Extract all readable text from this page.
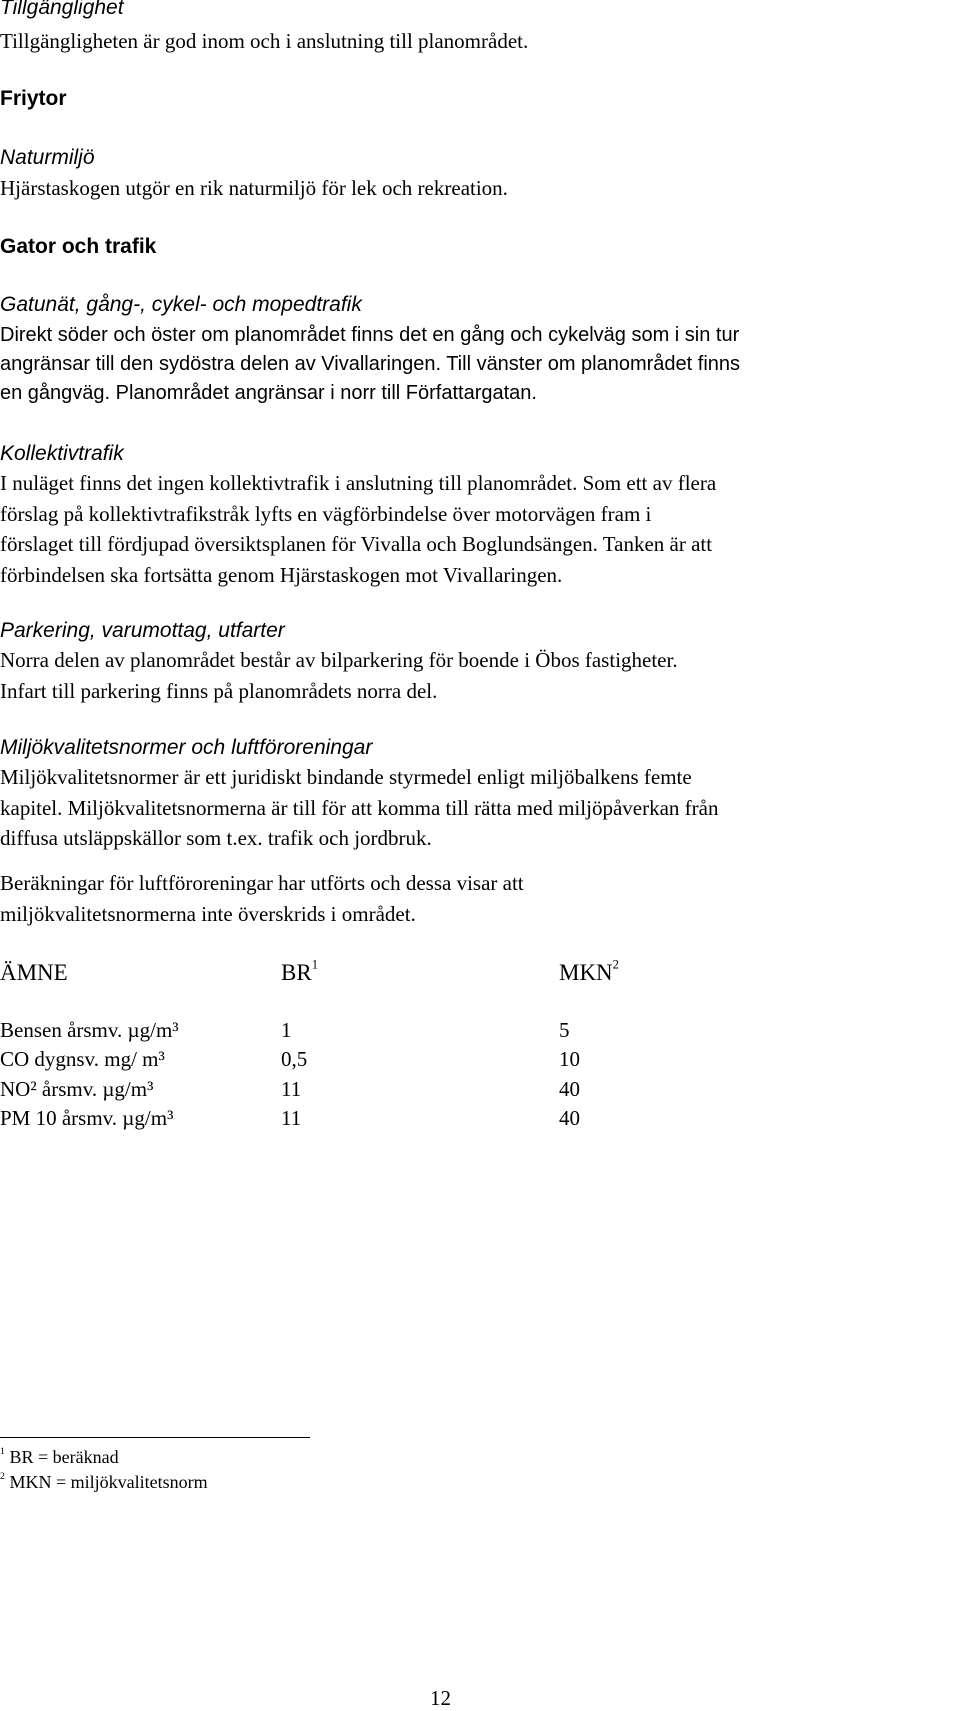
Tillgänglighet
Tillgängligheten är god inom och i anslutning till planområdet.
Friytor
Naturmiljö
Hjärstaskogen utgör en rik naturmiljö för lek och rekreation.
Gator och trafik
Gatunät, gång-, cykel- och mopedtrafik
Direkt söder och öster om planområdet finns det en gång och cykelväg som i sin tur
angränsar till den sydöstra delen av Vivallaringen. Till vänster om planområdet finns
en gångväg. Planområdet angränsar i norr till Författargatan.
Kollektivtrafik
I nuläget finns det ingen kollektivtrafik i anslutning till planområdet. Som ett av flera
förslag på kollektivtrafikstråk lyfts en vägförbindelse över motorvägen fram i
förslaget till fördjupad översiktsplanen för Vivalla och Boglundsängen. Tanken är att
förbindelsen ska fortsätta genom Hjärstaskogen mot Vivallaringen.
Parkering, varumottag, utfarter
Norra delen av planområdet består av bilparkering för boende i Öbos fastigheter.
Infart till parkering finns på planområdets norra del.
Miljökvalitetsnormer och luftföroreningar
Miljökvalitetsnormer är ett juridiskt bindande styrmedel enligt miljöbalkens femte
kapitel. Miljökvalitetsnormerna är till för att komma till rätta med miljöpåverkan från
diffusa utsläppskällor som t.ex. trafik och jordbruk.
Beräkningar för luftföroreningar har utförts och dessa visar att
miljökvalitetsnormerna inte överskrids i området.
ÄMNE	$BR^1$	MKN$^2$
Bensen årsmv. µg/m³	1	5
CO dygnsv. mg/ m³	0,5	10
NO² årsmv. µg/m³	11	40
PM 10 årsmv. µg/m³	11	40
$^1$ BR = beräknad
$^2$ MKN = miljökvalitetsnorm
12
